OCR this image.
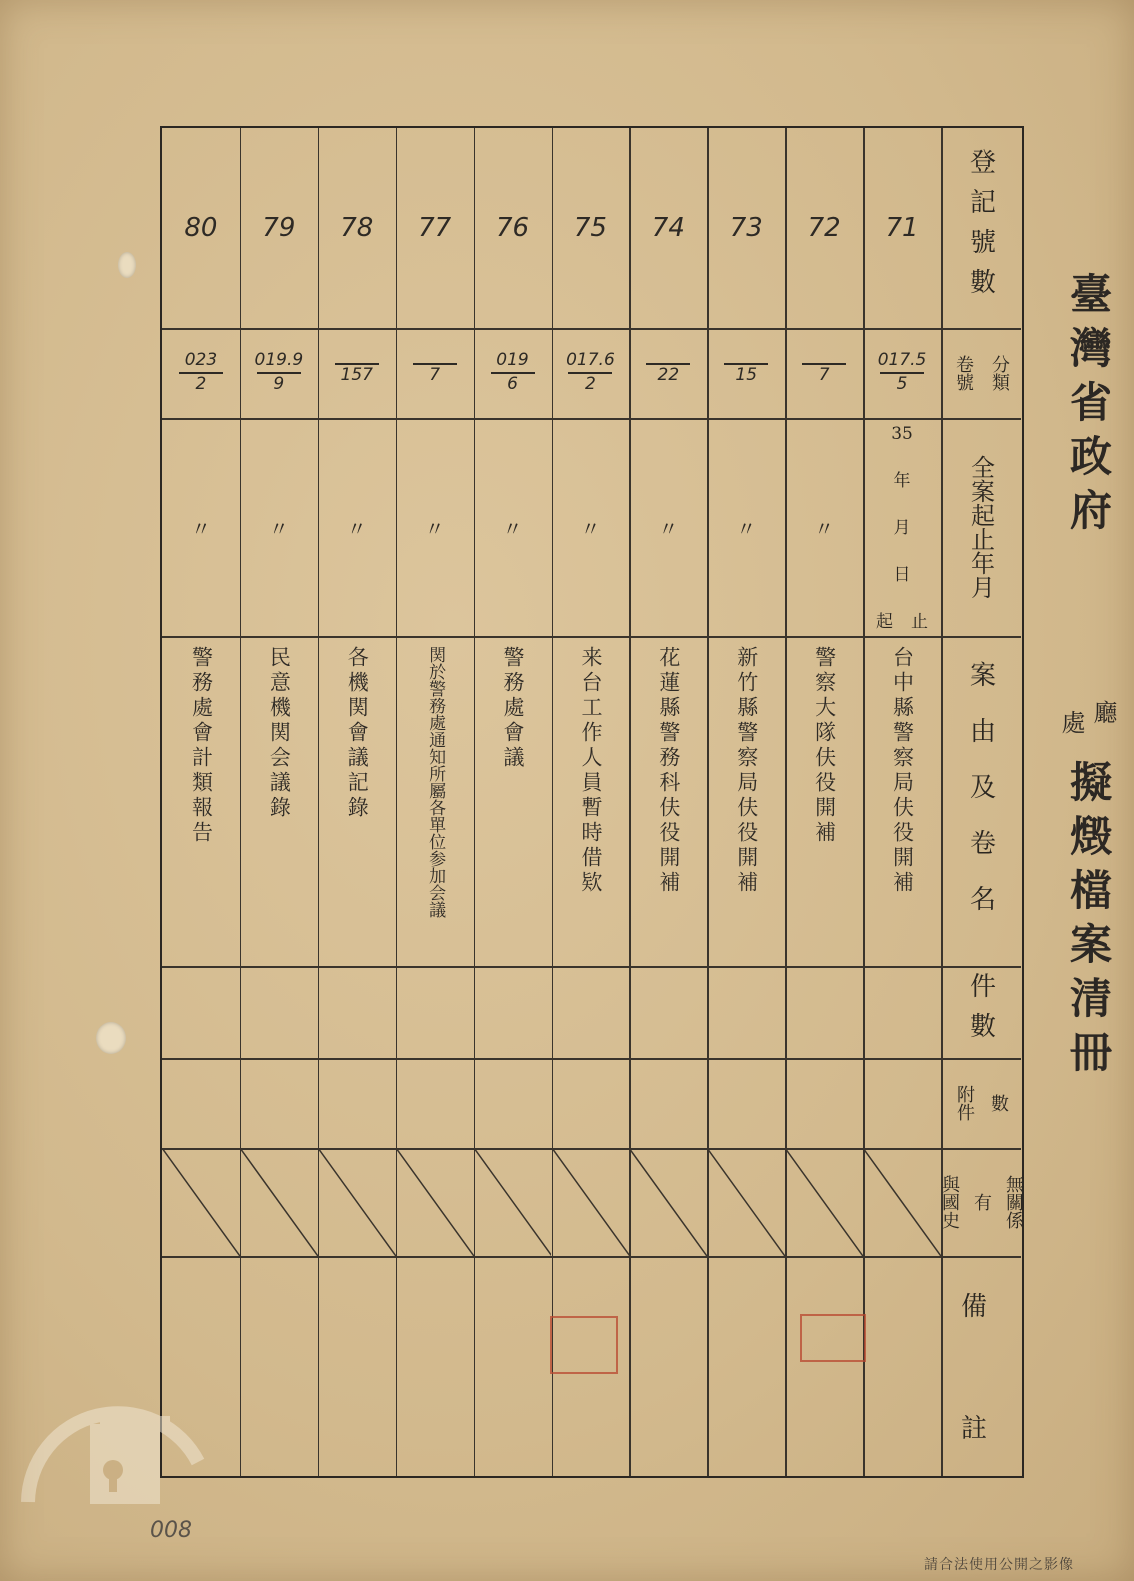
臺灣省政府
廳
處
擬燬檔案清冊
登記號數
分類
卷號
全案起止年月
案由及卷名
件數
數
附件
無關係
有
與國史
備
註
71
017.5
5
35
年
月
日
起 止
台中縣警察局伕役開補
72
7
〃
警察大隊伕役開補
73
15
〃
新竹縣警察局伕役開補
74
22
〃
花蓮縣警務科伕役開補
75
017.6
2
〃
来台工作人員暫時借欵
76
019
6
〃
警務處會議
77
7
〃
関於警務處通知所屬各單位参加会議
78
157
〃
各機関會議記錄
79
019.9
9
〃
民意機関会議錄
80
023
2
〃
警務處會計類報告
008
請合法使用公開之影像
